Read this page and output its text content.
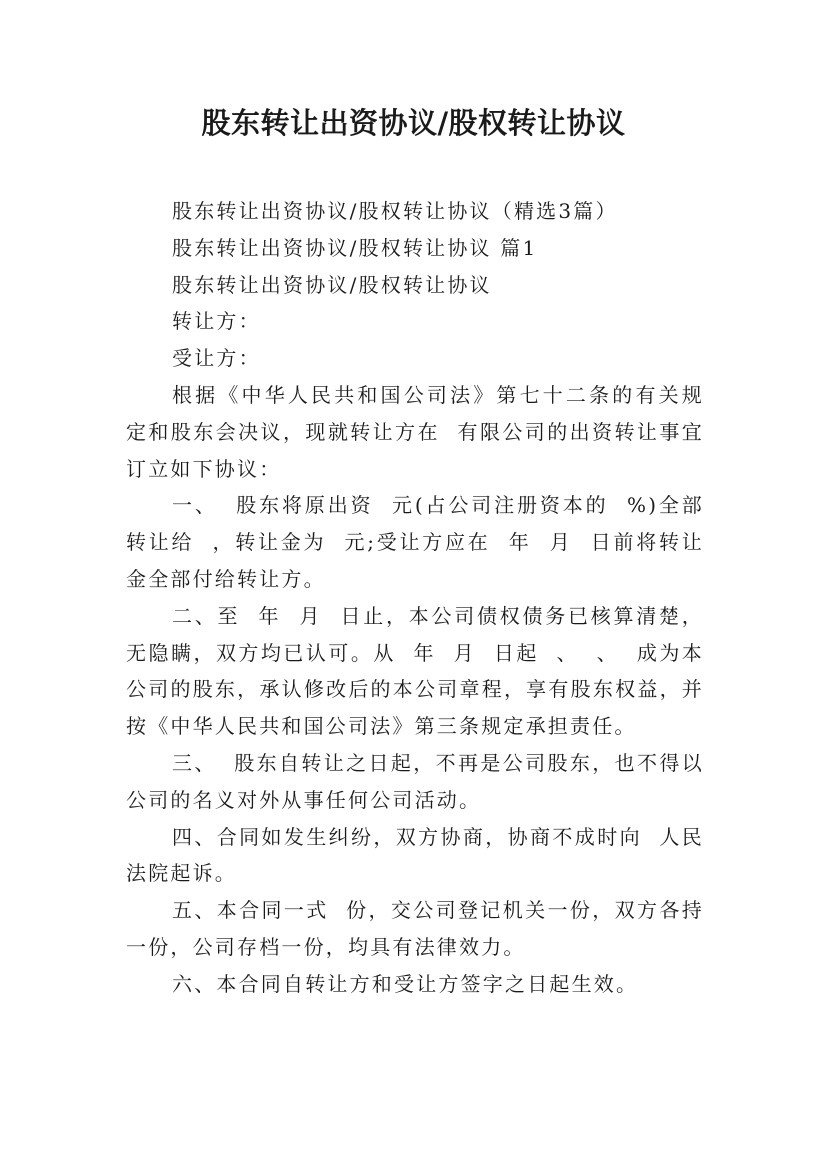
股东转让出资协议/股权转让协议

股东转让出资协议/股权转让协议（精选3篇）

股东转让出资协议/股权转让协议 篇1

股东转让出资协议/股权转让协议

转让方：

受让方：

根据《中华人民共和国公司法》第七十二条的有关规定和股东会决议，现就转让方在  有限公司的出资转让事宜订立如下协议：

一、  股东将原出资  元(占公司注册资本的  %)全部转让给  ，转让金为  元;受让方应在  年  月  日前将转让金全部付给转让方。

二、至  年  月  日止，本公司债权债务已核算清楚，无隐瞒，双方均已认可。从  年  月  日起  、  、  成为本公司的股东，承认修改后的本公司章程，享有股东权益，并按《中华人民共和国公司法》第三条规定承担责任。

三、  股东自转让之日起，不再是公司股东，也不得以公司的名义对外从事任何公司活动。

四、合同如发生纠纷，双方协商，协商不成时向  人民法院起诉。

五、本合同一式  份，交公司登记机关一份，双方各持一份，公司存档一份，均具有法律效力。

六、本合同自转让方和受让方签字之日起生效。
